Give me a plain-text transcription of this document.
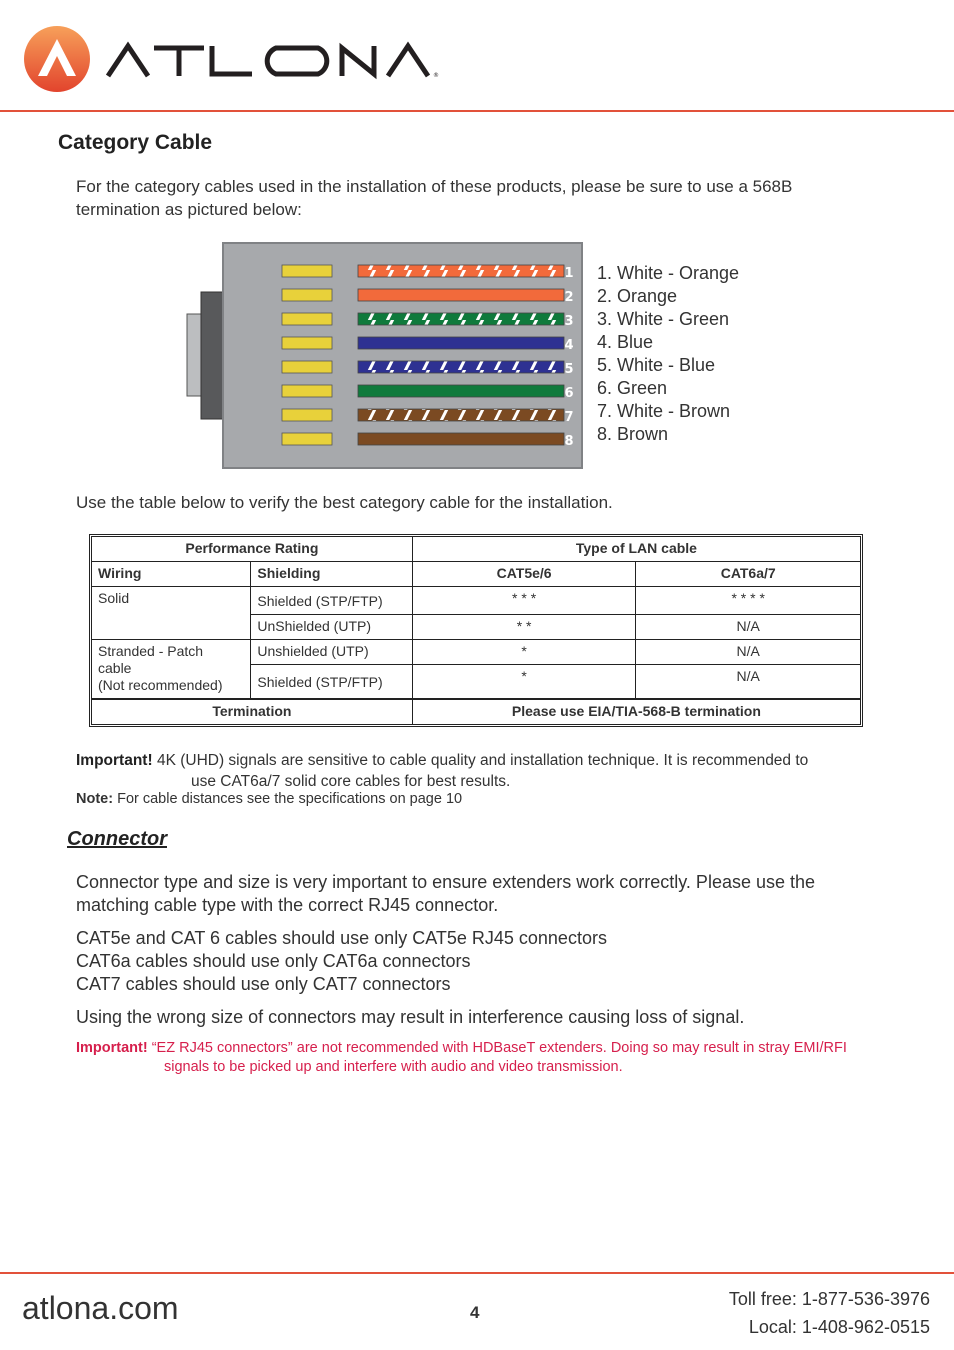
®
ATLONA
Category Cable
For the category cables used in the installation of these products, please be sure to use a 568B
termination as pictured below:
1
2
3
4
5
6
7
8
1. White - Orange
2. Orange
3. White - Green
4. Blue
5. White - Blue
6. Green
7. White - Brown
8. Brown
Use the table below to verify the best category cable for the installation.
Performance Rating		Type of LAN cable	
Wiring	Shielding	CAT5e/6	CAT6a/7
Solid	Shielded (STP/FTP)	* * *	* * * *
	UnShielded (UTP)	* *	N/A

Stranded - Patch
cable
(Not recommended)	Unshielded (UTP)	*	N/A
	Shielded (STP/FTP)	*	N/A
Termination		Please use EIA/TIA-568-B termination	
Important! 4K (UHD) signals are sensitive to cable quality and installation technique. It is recommended to
use CAT6a/7 solid core cables for best results.
Note: For cable distances see the specifications on page 10
Connector
Connector type and size is very important to ensure extenders work correctly. Please use the
matching cable type with the correct RJ45 connector.
CAT5e and CAT 6 cables should use only CAT5e RJ45 connectors
CAT6a cables should use only CAT6a connectors
CAT7 cables should use only CAT7 connectors
Using the wrong size of connectors may result in interference causing loss of signal.
Important! “EZ RJ45 connectors” are not recommended with HDBaseT extenders. Doing so may result in stray EMI/RFI
signals to be picked up and interfere with audio and video transmission.
atlona.com	4
Toll free: 1-877-536-3976
Local: 1-408-962-0515
